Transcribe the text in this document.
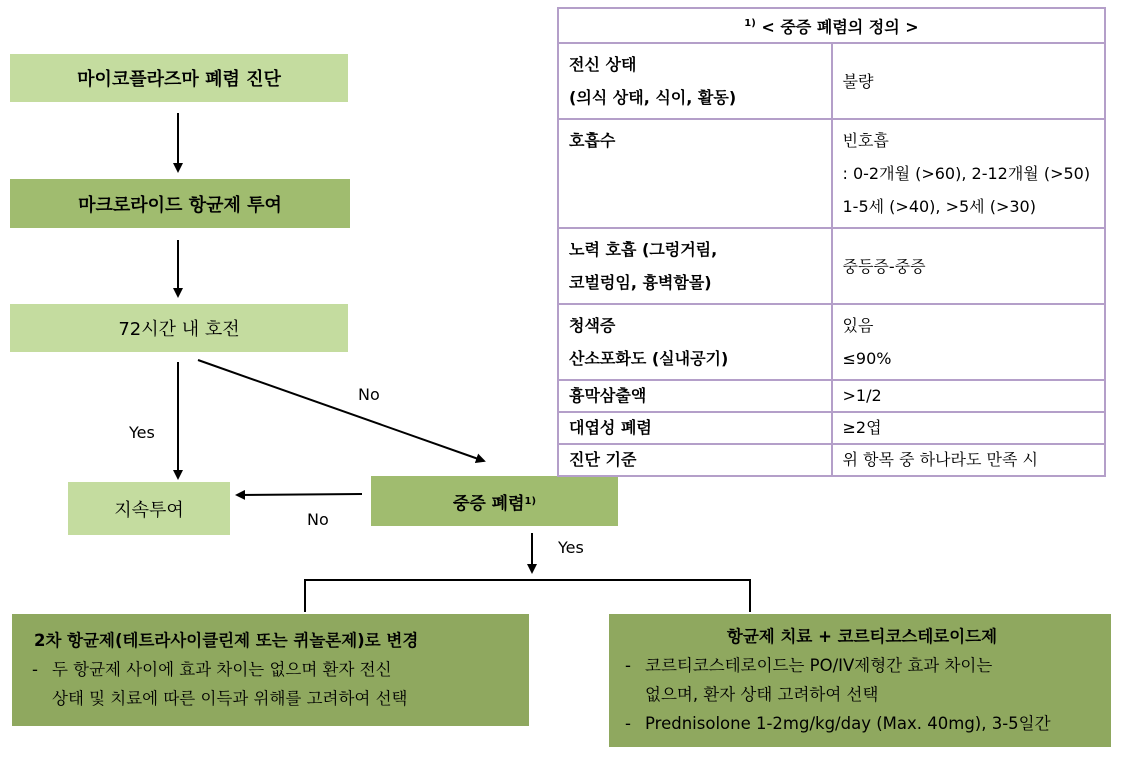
마이코플라즈마 폐렴 진단
마크로라이드 항균제 투여
72시간 내 호전
지속투여	중증 폐렴 1)
Yes
No
No
Yes
2차 항균제(테트라사이클린제 또는 퀴놀론제)로 변경
- 두 항균제 사이에 효과 차이는 없으며 환자 전신
상태 및 치료에 따른 이득과 위해를 고려하여 선택
항균제 치료 + 코르티코스테로이드제
- 코르티코스테로이드는 PO/IV제형간 효과 차이는
없으며, 환자 상태 고려하여 선택
- Prednisolone 1-2mg/kg/day (Max. 40mg), 3-5일간
$^{1)}$ < 중증 폐렴의 정의 >	

전신 상태
(의식 상태, 식이, 활동)	불량

호흡수	빈호흡
: 0-2개월 (>60), 2-12개월 (>50)
1-5세 (>40), >5세 (>30)

노력 호흡 (그렁거림,
코벌렁임, 흉벽함몰)	중등증-중증

청색증
산소포화도 (실내공기)	있음
≤90%

흉막삼출액	>1/2
대엽성 폐렴	≥2엽
진단 기준	위 항목 중 하나라도 만족 시
